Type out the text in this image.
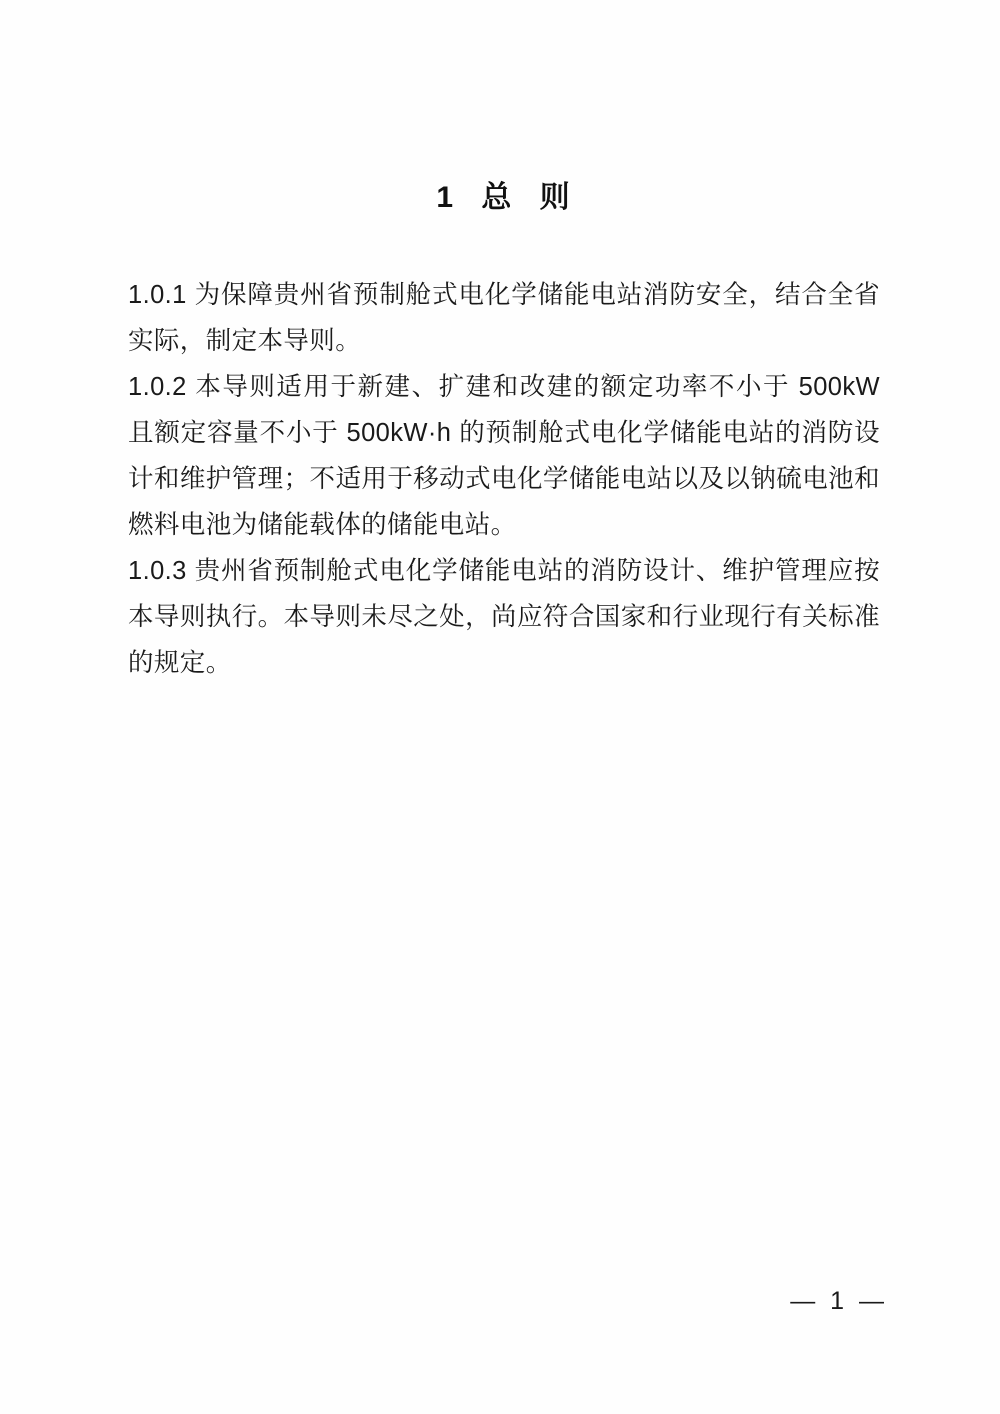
1 总 则

1.0.1 为保障贵州省预制舱式电化学储能电站消防安全，结合全省实际，制定本导则。

1.0.2 本导则适用于新建、扩建和改建的额定功率不小于 500kW 且额定容量不小于 500kW·h 的预制舱式电化学储能电站的消防设计和维护管理；不适用于移动式电化学储能电站以及以钠硫电池和燃料电池为储能载体的储能电站。

1.0.3 贵州省预制舱式电化学储能电站的消防设计、维护管理应按本导则执行。本导则未尽之处，尚应符合国家和行业现行有关标准的规定。

— 1 —
